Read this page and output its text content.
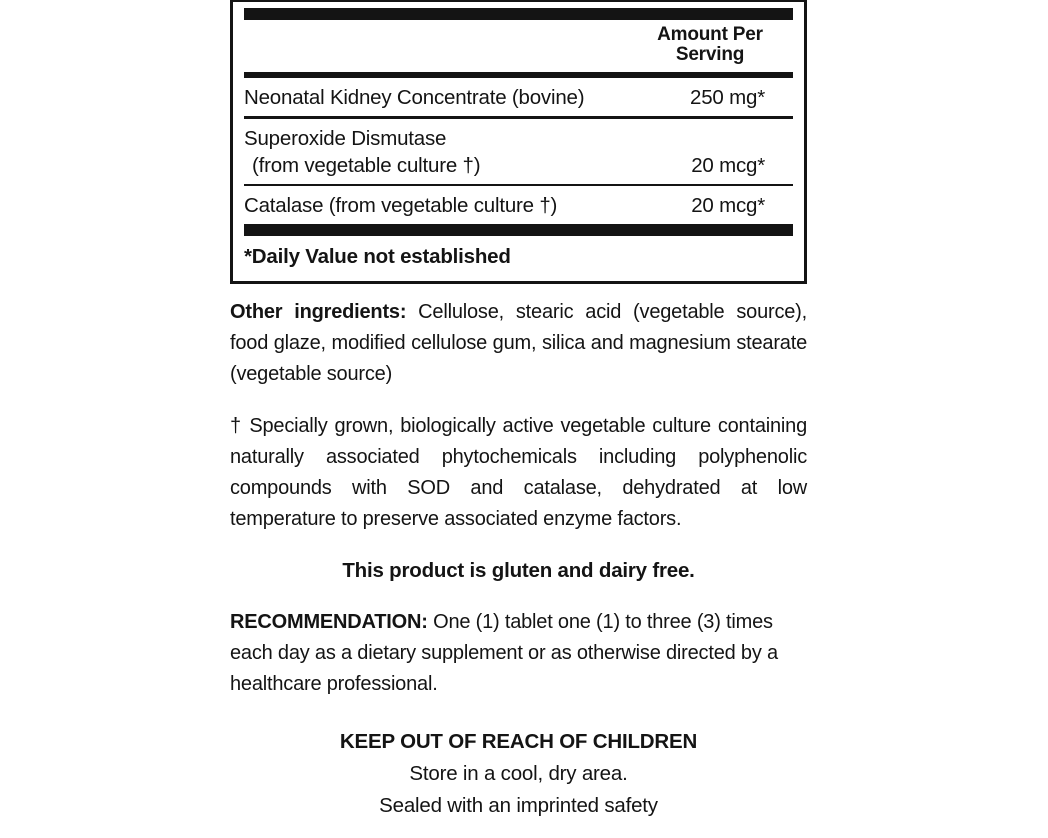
Amount Per Serving
Neonatal Kidney Concentrate (bovine)	250 mg*
Superoxide Dismutase
(from vegetable culture †)	20 mcg*
Catalase (from vegetable culture †)	20 mcg*
*Daily Value not established

Other ingredients: Cellulose, stearic acid (vegetable source), food glaze, modified cellulose gum, silica and magnesium stearate (vegetable source)

† Specially grown, biologically active vegetable culture containing naturally associated phytochemicals including polyphenolic compounds with SOD and catalase, dehydrated at low temperature to preserve associated enzyme factors.

This product is gluten and dairy free.

RECOMMENDATION: One (1) tablet one (1) to three (3) times each day as a dietary supplement or as otherwise directed by a healthcare professional.

KEEP OUT OF REACH OF CHILDREN
Store in a cool, dry area.
Sealed with an imprinted safety
